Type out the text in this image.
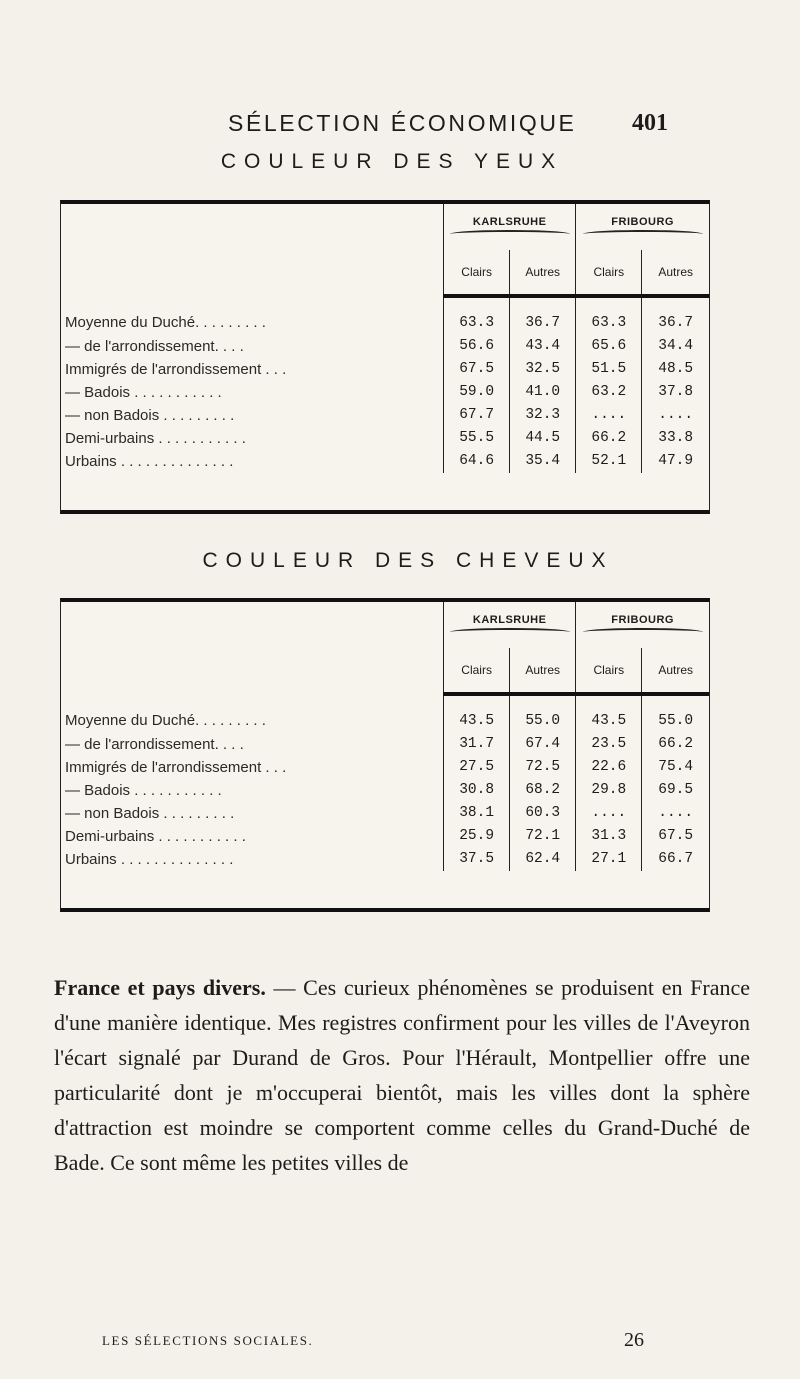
SÉLECTION ÉCONOMIQUE 401
COULEUR DES YEUX
	KARLSRUHE		FRIBOURG	

	Clairs	Autres	Clairs	Autres
Moyenne du Duché. . . . . . . . .	63.3	36.7	63.3	36.7
— de l'arrondissement. . . .	56.6	43.4	65.6	34.4
Immigrés de l'arrondissement . . .	67.5	32.5	51.5	48.5
— Badois . . . . . . . . . . .	59.0	41.0	63.2	37.8
— non Badois . . . . . . . . .	67.7	32.3	....	....
Demi-urbains . . . . . . . . . . .	55.5	44.5	66.2	33.8
Urbains . . . . . . . . . . . . . .	64.6	35.4	52.1	47.9
COULEUR DES CHEVEUX
	KARLSRUHE		FRIBOURG	

	Clairs	Autres	Clairs	Autres
Moyenne du Duché. . . . . . . . .	43.5	55.0	43.5	55.0
— de l'arrondissement. . . .	31.7	67.4	23.5	66.2
Immigrés de l'arrondissement . . .	27.5	72.5	22.6	75.4
— Badois . . . . . . . . . . .	30.8	68.2	29.8	69.5
— non Badois . . . . . . . . .	38.1	60.3	....	....
Demi-urbains . . . . . . . . . . .	25.9	72.1	31.3	67.5
Urbains . . . . . . . . . . . . . .	37.5	62.4	27.1	66.7

France et pays divers. — Ces curieux phénomènes se produisent en France d'une manière identique. Mes registres confirment pour les villes de l'Aveyron l'écart signalé par Durand de Gros. Pour l'Hérault, Montpellier offre une particularité dont je m'occuperai bientôt, mais les villes dont la sphère d'attraction est moindre se comportent comme celles du Grand-Duché de Bade. Ce sont même les petites villes de

LES SÉLECTIONS SOCIALES.	26
